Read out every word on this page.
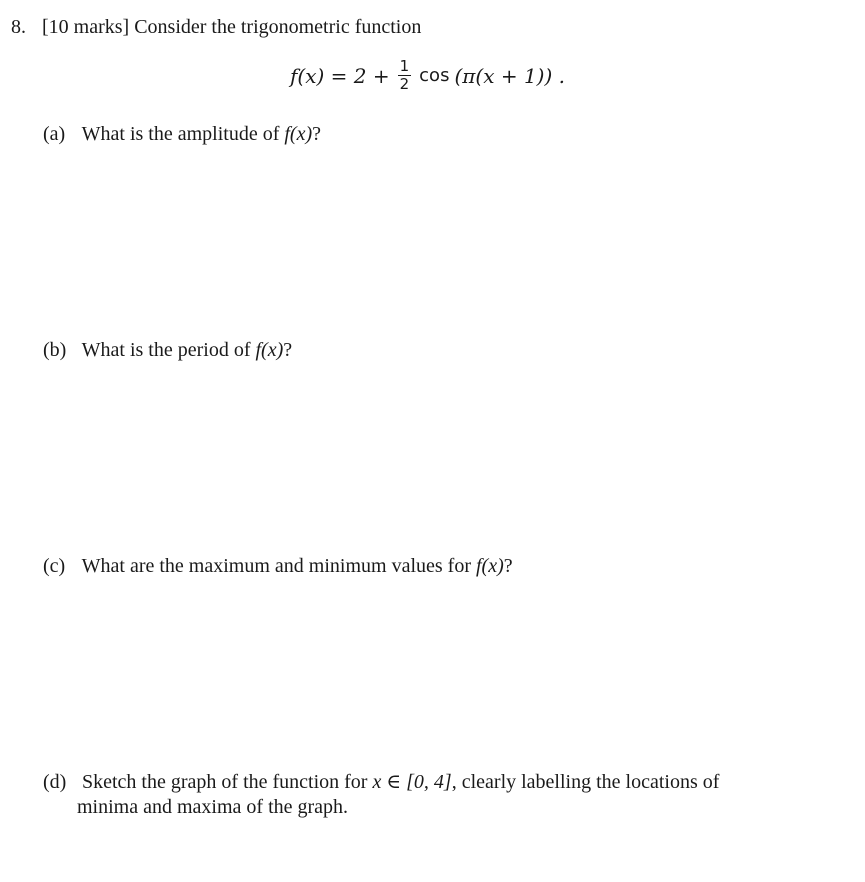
8. [10 marks] Consider the trigonometric function
$f(x) = 2 + \frac{1}{2}$ cos (π(x + 1)) .
(a) What is the amplitude of f(x)?
(b) What is the period of f(x)?
(c) What are the maximum and minimum values for f(x)?
(d) Sketch the graph of the function for x ∈ [0, 4], clearly labelling the locations of
minima and maxima of the graph.
